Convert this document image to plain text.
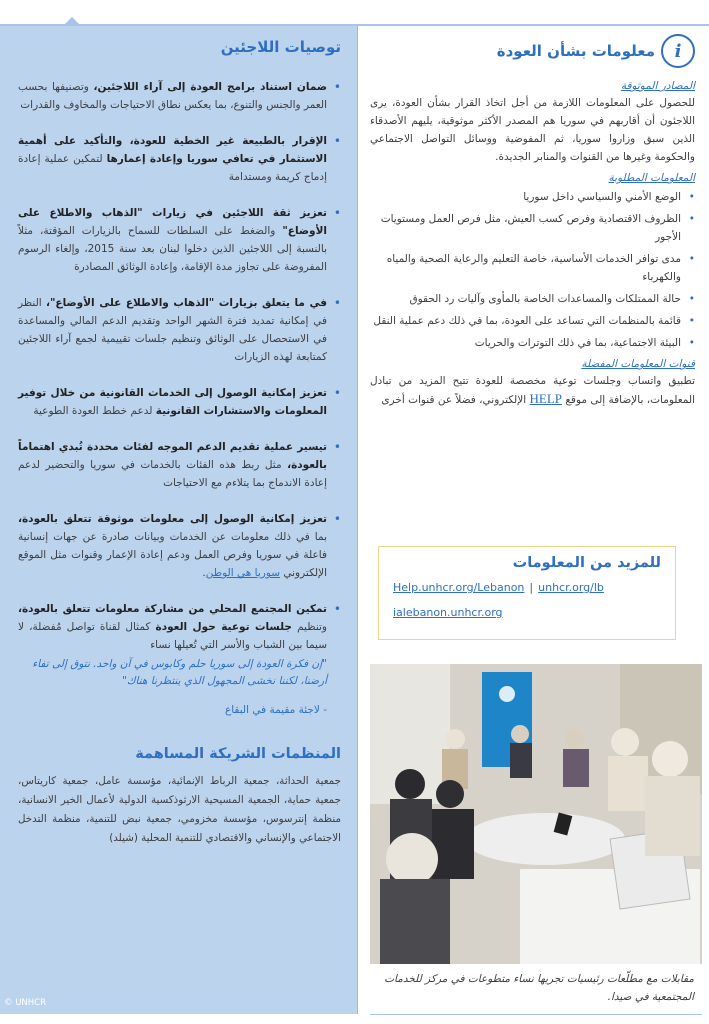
توصيات اللاجئين
• ضمان استناد برامج العودة إلى آراء اللاجئين، وتصنيفها بحسب العمر والجنس والتنوع، بما يعكس نطاق الاحتياجات والمخاوف والقدرات
• الإقرار بالطبيعة غير الخطية للعودة، والتأكيد على أهمية الاستثمار في تعافي سوريا وإعادة إعمارها لتمكين عملية إعادة إدماج كريمة ومستدامة
• تعزيز ثقة اللاجئين في زيارات "الذهاب والاطلاع على الأوضاع" والضغط على السلطات للسماح بالزيارات المؤقتة، مثلاً بالنسبة إلى اللاجئين الذين دخلوا لبنان بعد سنة 2015، وإلغاء الرسوم المفروضة على تجاوز مدة الإقامة، وإعادة الوثائق المصادرة
• في ما يتعلق بزيارات "الذهاب والاطلاع على الأوضاع"، النظر في إمكانية تمديد فترة الشهر الواحد وتقديم الدعم المالي والمساعدة في الاستحصال على الوثائق وتنظيم جلسات تقييمية لجمع آراء اللاجئين كمتابعة لهذه الزيارات
• تعزيز إمكانية الوصول إلى الخدمات القانونية من خلال توفير المعلومات والاستشارات القانونية لدعم خطط العودة الطوعية
• تيسير عملية تقديم الدعم الموجه لفئات محددة تُبدي اهتماماً بالعودة، مثل ربط هذه الفئات بالخدمات في سوريا والتحضير لدعم إعادة الاندماج بما يتلاءم مع الاحتياجات
• تعزيز إمكانية الوصول إلى معلومات موثوقة تتعلق بالعودة، بما في ذلك معلومات عن الخدمات وبيانات صادرة عن جهات إنسانية فاعلة في سوريا وفرص العمل ودعم إعادة الإعمار وقنوات مثل الموقع الإلكتروني سوريا هي الوطن.
• تمكين المجتمع المحلي من مشاركة معلومات تتعلق بالعودة، وتنظيم جلسات توعية حول العودة كمثال لقناة تواصل مُفضلة، لا سيما بين الشباب والأسر التي تُعيلها نساء

"إن فكرة العودة إلى سوريا حلم وكابوس في آن واحد. نتوق إلى تفاء أرضنا، لكننا نخشى المجهول الذي ينتظرنا هناك"

- لاجئة مقيمة في البقاع

المنظمات الشريكة المساهمة

جمعية الحداثة، جمعية الرباط الإنمائية، مؤسسة عامل، جمعية كاريتاس، جمعية حماية، الجمعية المسيحية الارثوذكسية الدولية لأعمال الخير الانسانية، منظمة إنترسوس، مؤسسة مخزومي، جمعية نبض للتنمية، منظمة التدخل الاجتماعي والإنساني والاقتصادي للتنمية المحلية (شيلد)

© UNHCR
i
معلومات بشأن العودة
المصادر الموثوقة

للحصول على المعلومات اللازمة من أجل اتخاذ القرار بشأن العودة، يرى اللاجئون أن أقاربهم في سوريا هم المصدر الأكثر موثوقية، يليهم الأصدقاء الذين سبق وزاروا سوريا، ثم المفوضية ووسائل التواصل الاجتماعي والحكومة وغيرها من القنوات والمنابر الجديدة.

المعلومات المطلوبة
• الوضع الأمني والسياسي داخل سوريا
• الظروف الاقتصادية وفرص كسب العيش، مثل فرص العمل ومستويات الأجور
• مدى توافر الخدمات الأساسية، خاصة التعليم والرعاية الصحية والمياه والكهرباء
• حالة الممتلكات والمساعدات الخاصة بالمأوى وآليات رد الحقوق
• قائمة بالمنظمات التي تساعد على العودة، بما في ذلك دعم عملية النقل
• البيئة الاجتماعية، بما في ذلك التوترات والحريات
قنوات المعلومات المفضلة

تطبيق واتساب وجلسات توعية مخصصة للعودة تتيح المزيد من تبادل المعلومات، بالإضافة إلى موقع HELP الإلكتروني، فضلاً عن قنوات أخرى

للمزيد من المعلومات
Help.unhcr.org/Lebanon | unhcr.org/lb
ialebanon.unhcr.org
مقابلات مع مطلّعات رئيسيات تجريها نساء متطوعات في مركز للخدمات المجتمعية في صيدا.
